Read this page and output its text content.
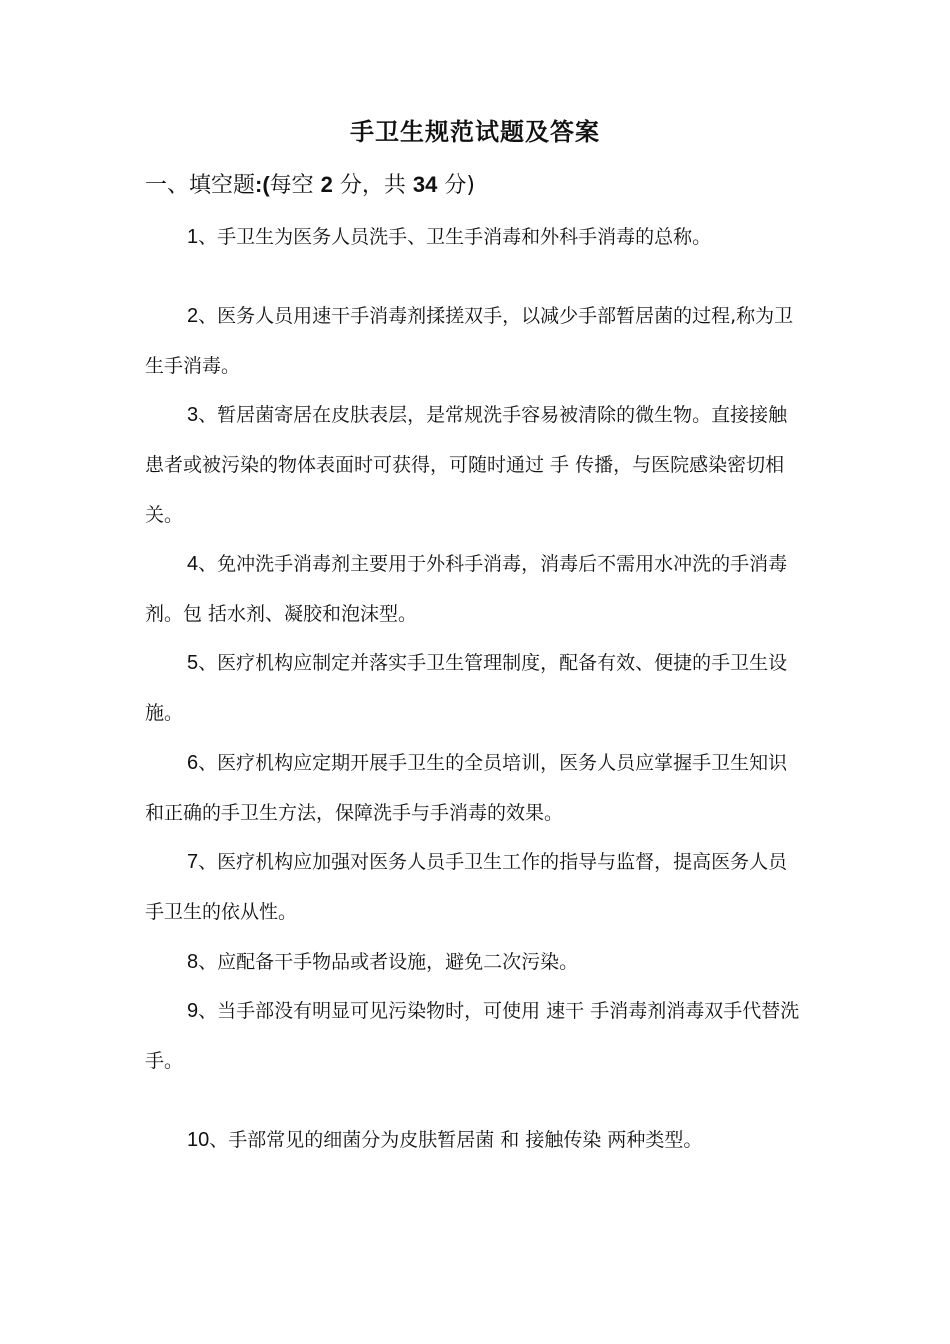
手卫生规范试题及答案
一、填空题:(每空 2 分，共 34 分)
1、手卫生为医务人员洗手、卫生手消毒和外科手消毒的总称。
2、医务人员用速干手消毒剂揉搓双手，以减少手部暂居菌的过程,称为卫生手消毒。
3、暂居菌寄居在皮肤表层，是常规洗手容易被清除的微生物。直接接触患者或被污染的物体表面时可获得，可随时通过 手 传播，与医院感染密切相关。
4、免冲洗手消毒剂主要用于外科手消毒，消毒后不需用水冲洗的手消毒剂。包 括水剂、凝胶和泡沫型。
5、医疗机构应制定并落实手卫生管理制度，配备有效、便捷的手卫生设施。
6、医疗机构应定期开展手卫生的全员培训，医务人员应掌握手卫生知识和正确的手卫生方法，保障洗手与手消毒的效果。
7、医疗机构应加强对医务人员手卫生工作的指导与监督，提高医务人员手卫生的依从性。
8、应配备干手物品或者设施，避免二次污染。
9、当手部没有明显可见污染物时，可使用 速干 手消毒剂消毒双手代替洗手。
10、手部常见的细菌分为皮肤暂居菌 和 接触传染 两种类型。
